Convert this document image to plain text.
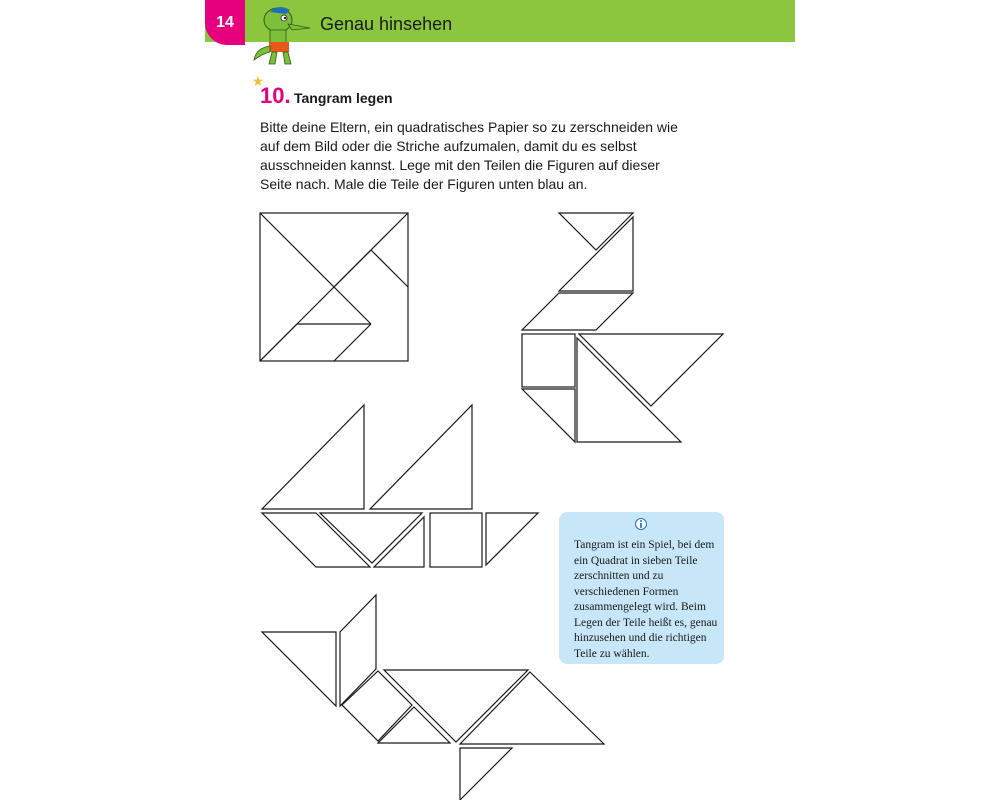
14	Genau hinsehen
10. Tangram legen
Bitte deine Eltern, ein quadratisches Papier so zu zerschneiden wie auf dem Bild oder die Striche aufzumalen, damit du es selbst ausschneiden kannst. Lege mit den Teilen die Figuren auf dieser Seite nach. Male die Teile der Figuren unten blau an.
Tangram ist ein Spiel, bei dem ein Quadrat in sieben Teile zerschnitten und zu verschiedenen Formen zusammengelegt wird. Beim Legen der Teile heißt es, genau hinzusehen und die richtigen Teile zu wählen.
